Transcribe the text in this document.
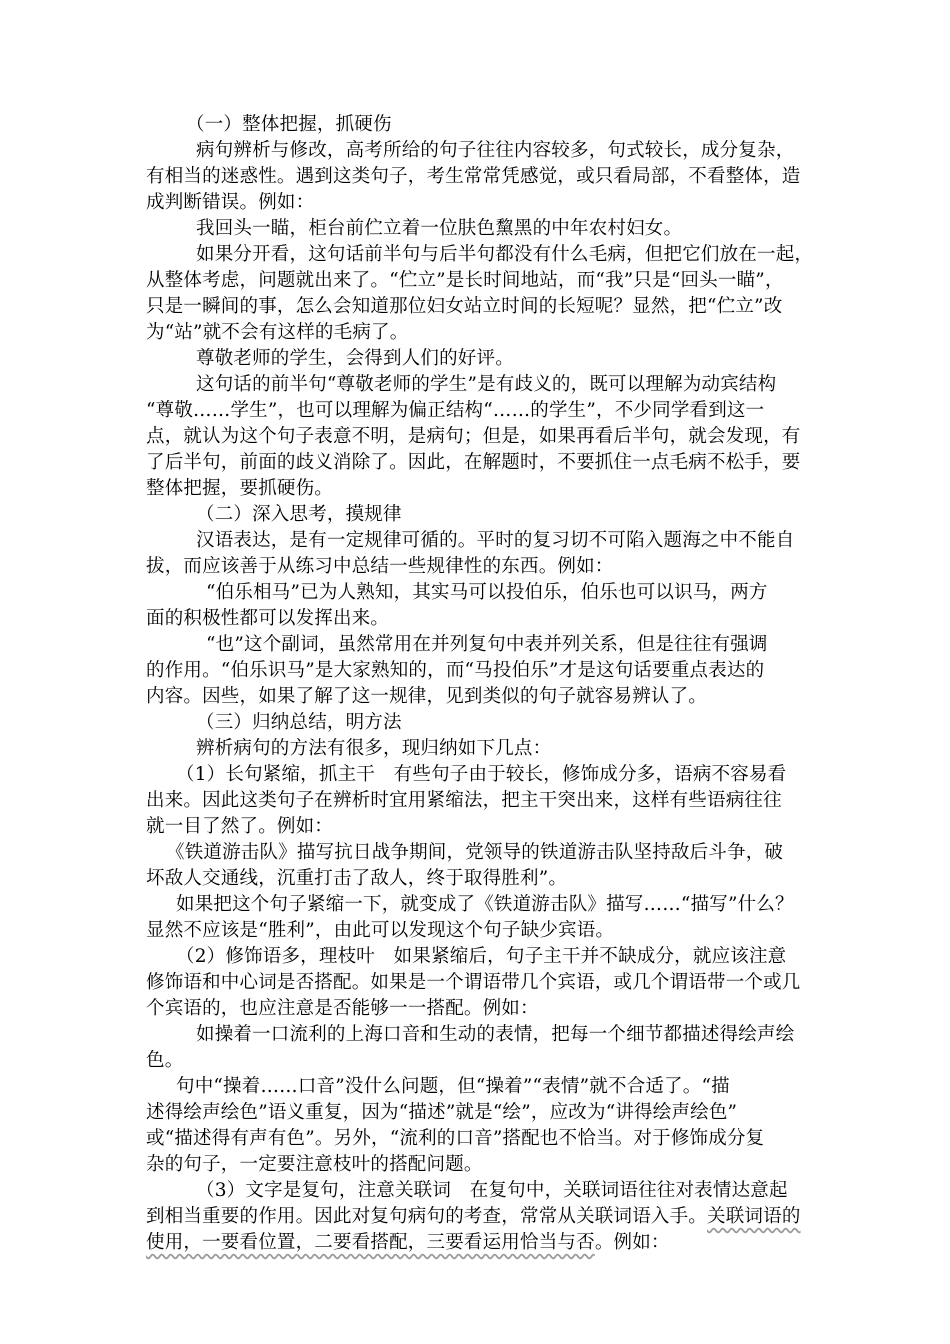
（一）整体把握，抓硬伤
病句辨析与修改，高考所给的句子往往内容较多，句式较长，成分复杂，
有相当的迷惑性。遇到这类句子，考生常常凭感觉，或只看局部，不看整体，造
成判断错误。例如：
我回头一瞄，柜台前伫立着一位肤色黧黑的中年农村妇女。
如果分开看，这句话前半句与后半句都没有什么毛病，但把它们放在一起，
从整体考虑，问题就出来了。“伫立”是长时间地站，而“我”只是“回头一瞄”，
只是一瞬间的事，怎么会知道那位妇女站立时间的长短呢？显然，把“伫立”改
为“站”就不会有这样的毛病了。
尊敬老师的学生，会得到人们的好评。
这句话的前半句“尊敬老师的学生”是有歧义的，既可以理解为动宾结构
“尊敬……学生”，也可以理解为偏正结构“……的学生”，不少同学看到这一
点，就认为这个句子表意不明，是病句；但是，如果再看后半句，就会发现，有
了后半句，前面的歧义消除了。因此，在解题时，不要抓住一点毛病不松手，要
整体把握，要抓硬伤。
（二）深入思考，摸规律
汉语表达，是有一定规律可循的。平时的复习切不可陷入题海之中不能自
拔，而应该善于从练习中总结一些规律性的东西。例如：
“伯乐相马”已为人熟知，其实马可以投伯乐，伯乐也可以识马，两方
面的积极性都可以发挥出来。
“也”这个副词，虽然常用在并列复句中表并列关系，但是往往有强调
的作用。“伯乐识马”是大家熟知的，而“马投伯乐”才是这句话要重点表达的
内容。因些，如果了解了这一规律，见到类似的句子就容易辨认了。
（三）归纳总结，明方法
辨析病句的方法有很多，现归纳如下几点：
（1）长句紧缩，抓主干　有些句子由于较长，修饰成分多，语病不容易看
出来。因此这类句子在辨析时宜用紧缩法，把主干突出来，这样有些语病往往
就一目了然了。例如：
《铁道游击队》描写抗日战争期间，党领导的铁道游击队坚持敌后斗争，破
坏敌人交通线，沉重打击了敌人，终于取得胜利”。
如果把这个句子紧缩一下，就变成了《铁道游击队》描写……“描写”什么？
显然不应该是“胜利”，由此可以发现这个句子缺少宾语。
（2）修饰语多，理枝叶　如果紧缩后，句子主干并不缺成分，就应该注意
修饰语和中心词是否搭配。如果是一个谓语带几个宾语，或几个谓语带一个或几
个宾语的，也应注意是否能够一一搭配。例如：
如操着一口流利的上海口音和生动的表情，把每一个细节都描述得绘声绘
色。
句中“操着……口音”没什么问题，但“操着”“表情”就不合适了。“描
述得绘声绘色”语义重复，因为“描述”就是“绘”，应改为“讲得绘声绘色”
或“描述得有声有色”。另外，“流利的口音”搭配也不恰当。对于修饰成分复
杂的句子，一定要注意枝叶的搭配问题。
（3）文字是复句，注意关联词　在复句中，关联词语往往对表情达意起
到相当重要的作用。因此对复句病句的考查，常常从关联词语入手。关联词语的
使用，一要看位置，二要看搭配，三要看运用恰当与否。例如：
